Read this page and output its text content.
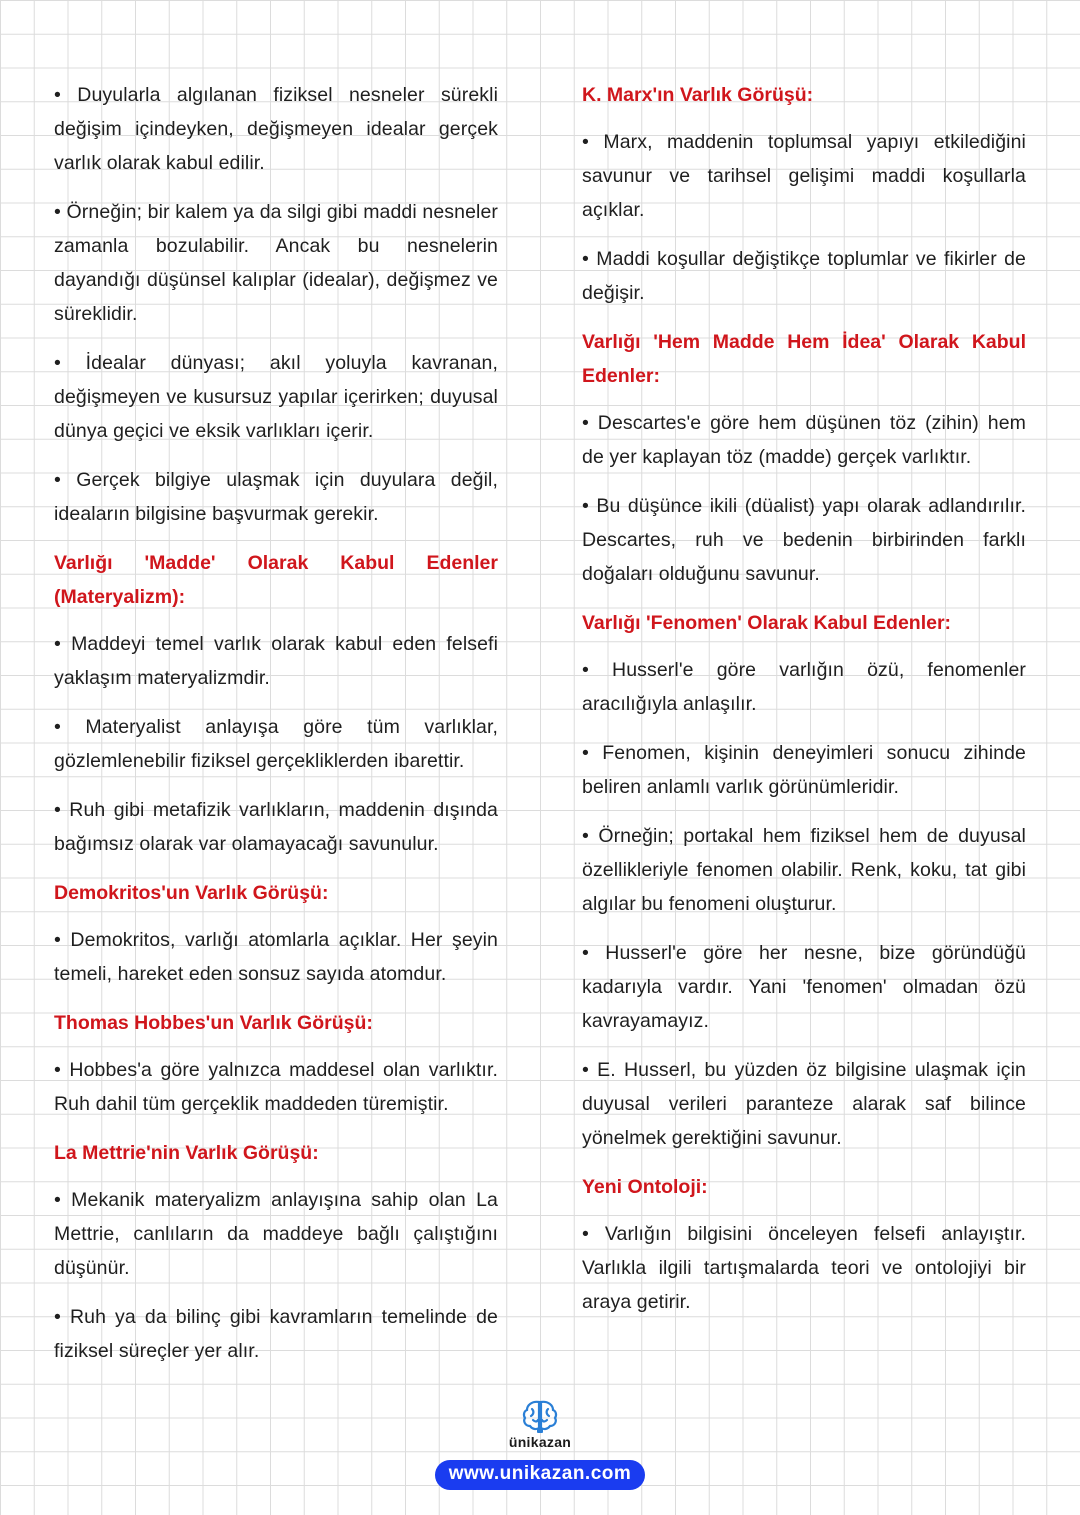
• Duyularla algılanan fiziksel nesneler sürekli değişim içindeyken, değişmeyen idealar gerçek varlık olarak kabul edilir.

• Örneğin; bir kalem ya da silgi gibi maddi nesneler zamanla bozulabilir. Ancak bu nesnelerin dayandığı düşünsel kalıplar (idealar), değişmez ve süreklidir.

• İdealar dünyası; akıl yoluyla kavranan, değişmeyen ve kusursuz yapılar içerirken; duyusal dünya geçici ve eksik varlıkları içerir.

• Gerçek bilgiye ulaşmak için duyulara değil, ideaların bilgisine başvurmak gerekir.

Varlığı 'Madde' Olarak Kabul Edenler (Materyalizm):

• Maddeyi temel varlık olarak kabul eden felsefi yaklaşım materyalizmdir.

• Materyalist anlayışa göre tüm varlıklar, gözlemlenebilir fiziksel gerçekliklerden ibarettir.

• Ruh gibi metafizik varlıkların, maddenin dışında bağımsız olarak var olamayacağı savunulur.

Demokritos'un Varlık Görüşü:

• Demokritos, varlığı atomlarla açıklar. Her şeyin temeli, hareket eden sonsuz sayıda atomdur.

Thomas Hobbes'un Varlık Görüşü:

• Hobbes'a göre yalnızca maddesel olan varlıktır. Ruh dahil tüm gerçeklik maddeden türemiştir.

La Mettrie'nin Varlık Görüşü:

• Mekanik materyalizm anlayışına sahip olan La Mettrie, canlıların da maddeye bağlı çalıştığını düşünür.

• Ruh ya da bilinç gibi kavramların temelinde de fiziksel süreçler yer alır.

K. Marx'ın Varlık Görüşü:

• Marx, maddenin toplumsal yapıyı etkilediğini savunur ve tarihsel gelişimi maddi koşullarla açıklar.

• Maddi koşullar değiştikçe toplumlar ve fikirler de değişir.

Varlığı 'Hem Madde Hem İdea' Olarak Kabul Edenler:

• Descartes'e göre hem düşünen töz (zihin) hem de yer kaplayan töz (madde) gerçek varlıktır.

• Bu düşünce ikili (düalist) yapı olarak adlandırılır. Descartes, ruh ve bedenin birbirinden farklı doğaları olduğunu savunur.

Varlığı 'Fenomen' Olarak Kabul Edenler:

• Husserl'e göre varlığın özü, fenomenler aracılığıyla anlaşılır.

• Fenomen, kişinin deneyimleri sonucu zihinde beliren anlamlı varlık görünümleridir.

• Örneğin; portakal hem fiziksel hem de duyusal özellikleriyle fenomen olabilir. Renk, koku, tat gibi algılar bu fenomeni oluşturur.

• Husserl'e göre her nesne, bize göründüğü kadarıyla vardır. Yani 'fenomen' olmadan özü kavrayamayız.

• E. Husserl, bu yüzden öz bilgisine ulaşmak için duyusal verileri paranteze alarak saf bilince yönelmek gerektiğini savunur.

Yeni Ontoloji:

• Varlığın bilgisini önceleyen felsefi anlayıştır. Varlıkla ilgili tartışmalarda teori ve ontolojiyi bir araya getirir.

ünikazan
www.unikazan.com
